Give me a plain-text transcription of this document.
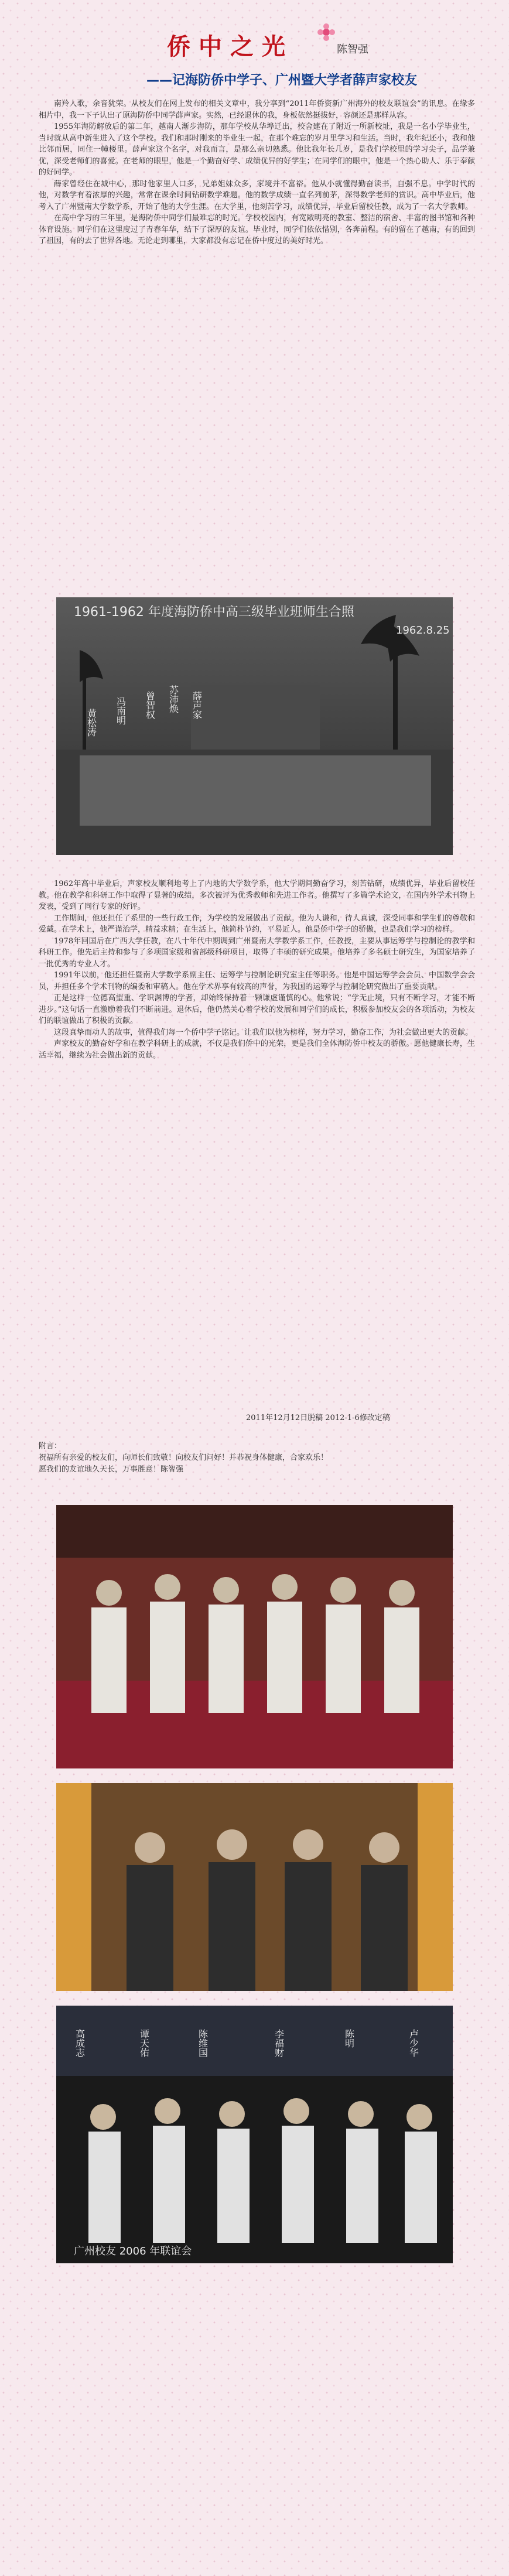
侨中之光	陈智强
——记海防侨中学子、广州暨大学者薛声家校友

南羚人歌，余音犹荣。从校友们在网上发布的相关文章中，我分享到“2011年侨资新广州海外的校友联谊会”的讯息。在缘多相片中，我一下子认出了原海防侨中同学薛声家。实然，已经退休的我，身板依然挺拔好，容颜还是那样从容。

1955年海防解放后的第二年，越南人渐步海防，那年学校从华埠迁出，校舍建在了附近一所新校址，我是一名小学毕业生，当时就从高中新生进入了这个学校。我们和那时刚来的毕业生一起，在那个难忘的岁月里学习和生活。当时，我年纪还小，我和他比邻而居，同住一幢楼里。薛声家这个名字，对我而言，是那么亲切熟悉。他比我年长几岁，是我们学校里的学习尖子，品学兼优，深受老师们的喜爱。在老师的眼里，他是一个勤奋好学、成绩优异的好学生；在同学们的眼中，他是一个热心助人、乐于奉献的好同学。

薛家曾经住在城中心，那时他家里人口多，兄弟姐妹众多，家境并不富裕。他从小就懂得勤奋读书，自强不息。中学时代的他，对数学有着浓厚的兴趣，常常在课余时间钻研数学难题。他的数学成绩一直名列前茅，深得数学老师的赏识。高中毕业后，他考入了广州暨南大学数学系，开始了他的大学生涯。在大学里，他刻苦学习，成绩优异，毕业后留校任教，成为了一名大学教师。

在高中学习的三年里，是海防侨中同学们最难忘的时光。学校校园内，有宽敞明亮的教室、整洁的宿舍、丰富的图书馆和各种体育设施。同学们在这里度过了青春年华，结下了深厚的友谊。毕业时，同学们依依惜别，各奔前程。有的留在了越南，有的回到了祖国，有的去了世界各地。无论走到哪里，大家都没有忘记在侨中度过的美好时光。

1961-1962 年度海防侨中高三级毕业班师生合照
1962.8.25
黄松涛 冯南明 曾智权 苏沛焕 薛声家

1962年高中毕业后，声家校友顺利地考上了内地的大学数学系，他大学期间勤奋学习，刻苦钻研，成绩优异，毕业后留校任教。他在教学和科研工作中取得了显著的成绩，多次被评为优秀教师和先进工作者。他撰写了多篇学术论文，在国内外学术刊物上发表，受到了同行专家的好评。

工作期间，他还担任了系里的一些行政工作，为学校的发展做出了贡献。他为人谦和，待人真诚，深受同事和学生们的尊敬和爱戴。在学术上，他严谨治学，精益求精；在生活上，他简朴节约，平易近人。他是侨中学子的骄傲，也是我们学习的榜样。

1978年回国后在广西大学任教，在八十年代中期调到广州暨南大学数学系工作，任教授，主要从事运筹学与控制论的教学和科研工作。他先后主持和参与了多项国家级和省部级科研项目，取得了丰硕的研究成果。他培养了多名硕士研究生，为国家培养了一批优秀的专业人才。

1991年以前，他还担任暨南大学数学系副主任、运筹学与控制论研究室主任等职务。他是中国运筹学会会员、中国数学会会员，并担任多个学术刊物的编委和审稿人。他在学术界享有较高的声誉，为我国的运筹学与控制论研究做出了重要贡献。

正是这样一位德高望重、学识渊博的学者，却始终保持着一颗谦虚谨慎的心。他常说：“学无止境，只有不断学习，才能不断进步。”这句话一直激励着我们不断前进。退休后，他仍然关心着学校的发展和同学们的成长，积极参加校友会的各项活动，为校友们的联谊做出了积极的贡献。

这段真挚而动人的故事，值得我们每一个侨中学子铭记。让我们以他为榜样，努力学习，勤奋工作，为社会做出更大的贡献。

声家校友的勤奋好学和在教学科研上的成就，不仅是我们侨中的光荣，更是我们全体海防侨中校友的骄傲。愿他健康长寿，生活幸福，继续为社会做出新的贡献。

2011年12月12日脱稿 2012-1-6修改定稿

附言：

祝福所有亲爱的校友们，向师长们致敬！向校友们问好！并恭祝身体健康，合家欢乐！

愿我们的友谊地久天长，万事胜意！陈智强

高成志	谭天佑	陈维国	李福财	陈明	卢少华
广州校友 2006 年联谊会
